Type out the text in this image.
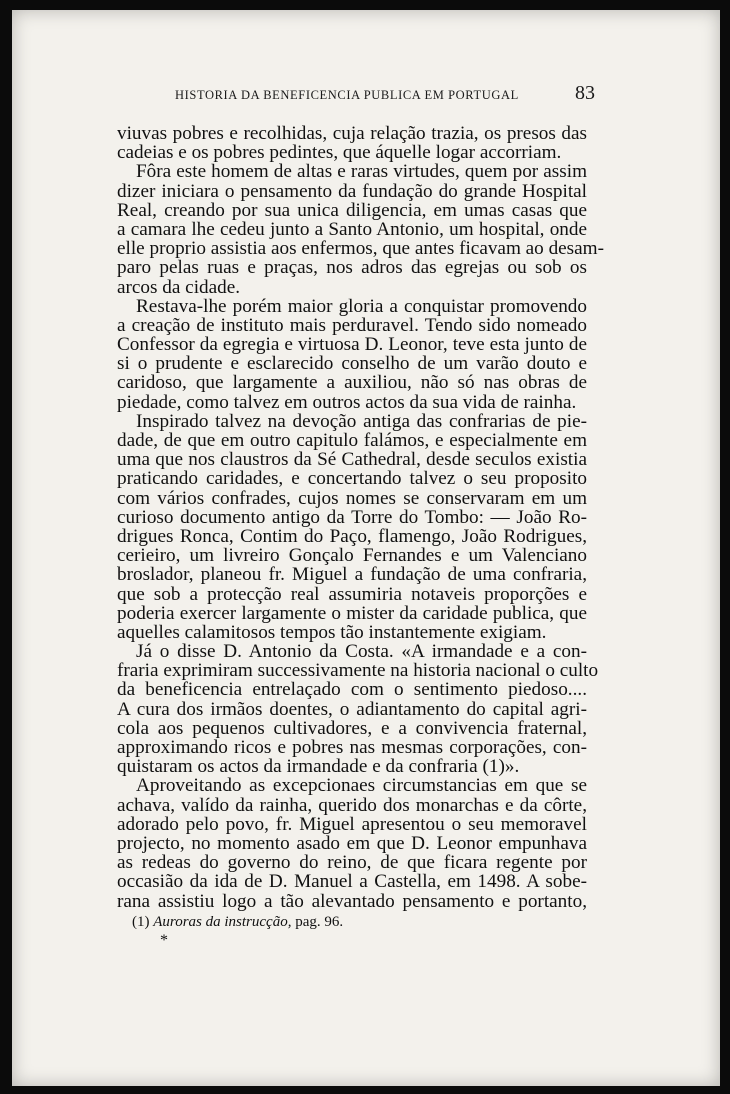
HISTORIA DA BENEFICENCIA PUBLICA EM PORTUGAL	83
viuvas pobres e recolhidas, cuja relação trazia, os presos das
cadeias e os pobres pedintes, que áquelle logar accorriam.
Fôra este homem de altas e raras virtudes, quem por assim
dizer iniciara o pensamento da fundação do grande Hospital
Real, creando por sua unica diligencia, em umas casas que
a camara lhe cedeu junto a Santo Antonio, um hospital, onde
elle proprio assistia aos enfermos, que antes ficavam ao desam-
paro pelas ruas e praças, nos adros das egrejas ou sob os
arcos da cidade.
Restava-lhe porém maior gloria a conquistar promovendo
a creação de instituto mais perduravel. Tendo sido nomeado
Confessor da egregia e virtuosa D. Leonor, teve esta junto de
si o prudente e esclarecido conselho de um varão douto e
caridoso, que largamente a auxiliou, não só nas obras de
piedade, como talvez em outros actos da sua vida de rainha.
Inspirado talvez na devoção antiga das confrarias de pie-
dade, de que em outro capitulo falámos, e especialmente em
uma que nos claustros da Sé Cathedral, desde seculos existia
praticando caridades, e concertando talvez o seu proposito
com vários confrades, cujos nomes se conservaram em um
curioso documento antigo da Torre do Tombo: — João Ro-
drigues Ronca, Contim do Paço, flamengo, João Rodrigues,
cerieiro, um livreiro Gonçalo Fernandes e um Valenciano
broslador, planeou fr. Miguel a fundação de uma confraria,
que sob a protecção real assumiria notaveis proporções e
poderia exercer largamente o mister da caridade publica, que
aquelles calamitosos tempos tão instantemente exigiam.
Já o disse D. Antonio da Costa. «A irmandade e a con-
fraria exprimiram successivamente na historia nacional o culto
da beneficencia entrelaçado com o sentimento piedoso....
A cura dos irmãos doentes, o adiantamento do capital agri-
cola aos pequenos cultivadores, e a convivencia fraternal,
approximando ricos e pobres nas mesmas corporações, con-
quistaram os actos da irmandade e da confraria (1)».
Aproveitando as excepcionaes circumstancias em que se
achava, valído da rainha, querido dos monarchas e da côrte,
adorado pelo povo, fr. Miguel apresentou o seu memoravel
projecto, no momento asado em que D. Leonor empunhava
as redeas do governo do reino, de que ficara regente por
occasião da ida de D. Manuel a Castella, em 1498. A sobe-
rana assistiu logo a tão alevantado pensamento e portanto,
(1) Auroras da instrucção, pag. 96.
*
